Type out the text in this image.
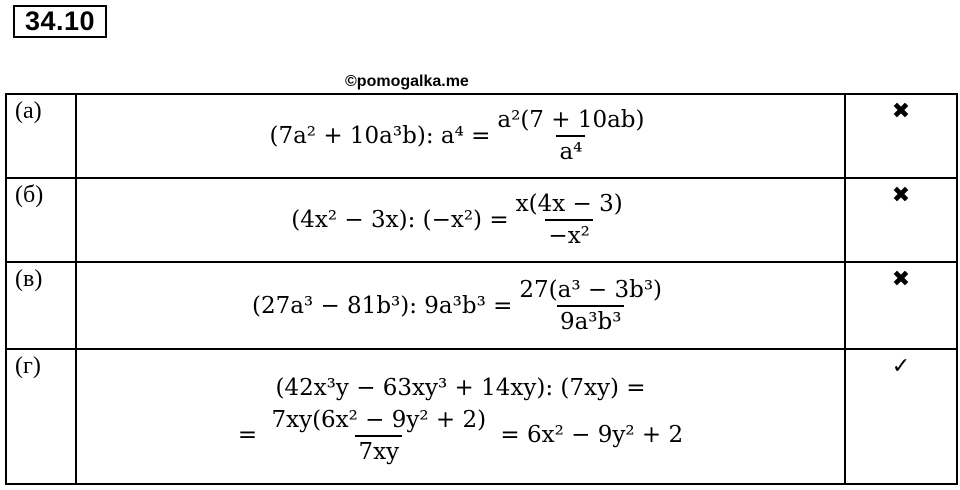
34.10
©pomogalka.me
(а)	(7a² + 10a³b): $a^4 = \frac{\text{a²(7 + 10ab)}}{\text{a⁴}}$	✖
(б)	(4x² − 3x): $(-x^2) = \frac{x(4x - 3)}{\text{−x²}}$	✖
(в)	(27a³ − 81b³): $9a^3b^3 = \frac{\text{27(a³ − 3b³)}}{\text{9a³b³}}$	✖
(г)	(42x³y − 63xy³ + 14xy): (7xy) =
= $\frac{\text{7xy(6x² − 9y² + 2)}}{7xy} = 6x^2 - 9y^2 + 2$	✓
